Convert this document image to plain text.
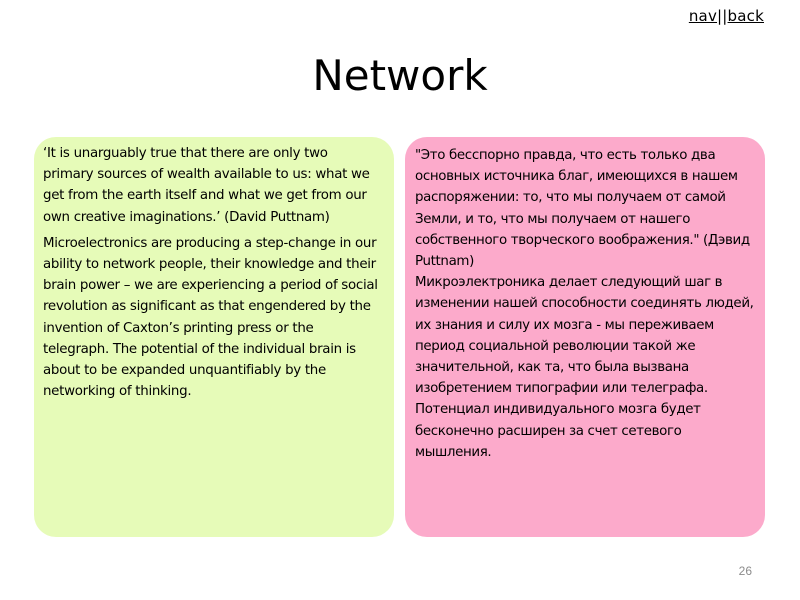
nav||back
Network

‘It is unarguably true that there are only two primary sources of wealth available to us: what we get from the earth itself and what we get from our own creative imaginations.’ (David Puttnam)

Microelectronics are producing a step-change in our ability to network people, their knowledge and their brain power – we are experiencing a period of social revolution as significant as that engendered by the invention of Caxton’s printing press or the telegraph. The potential of the individual brain is about to be expanded unquantifiably by the networking of thinking.

"Это бесспорно правда, что есть только два основных источника благ, имеющихся в нашем распоряжении: то, что мы получаем от самой Земли, и то, что мы получаем от нашего собственного творческого воображения." (Дэвид Puttnam)

Микроэлектроника делает следующий шаг в изменении нашей способности соединять людей, их знания и силу их мозга - мы переживаем период социальной революции такой же значительной, как та, что была вызвана изобретением типографии или телеграфа. Потенциал индивидуального мозга будет бесконечно расширен за счет сетевого мышления.

26
